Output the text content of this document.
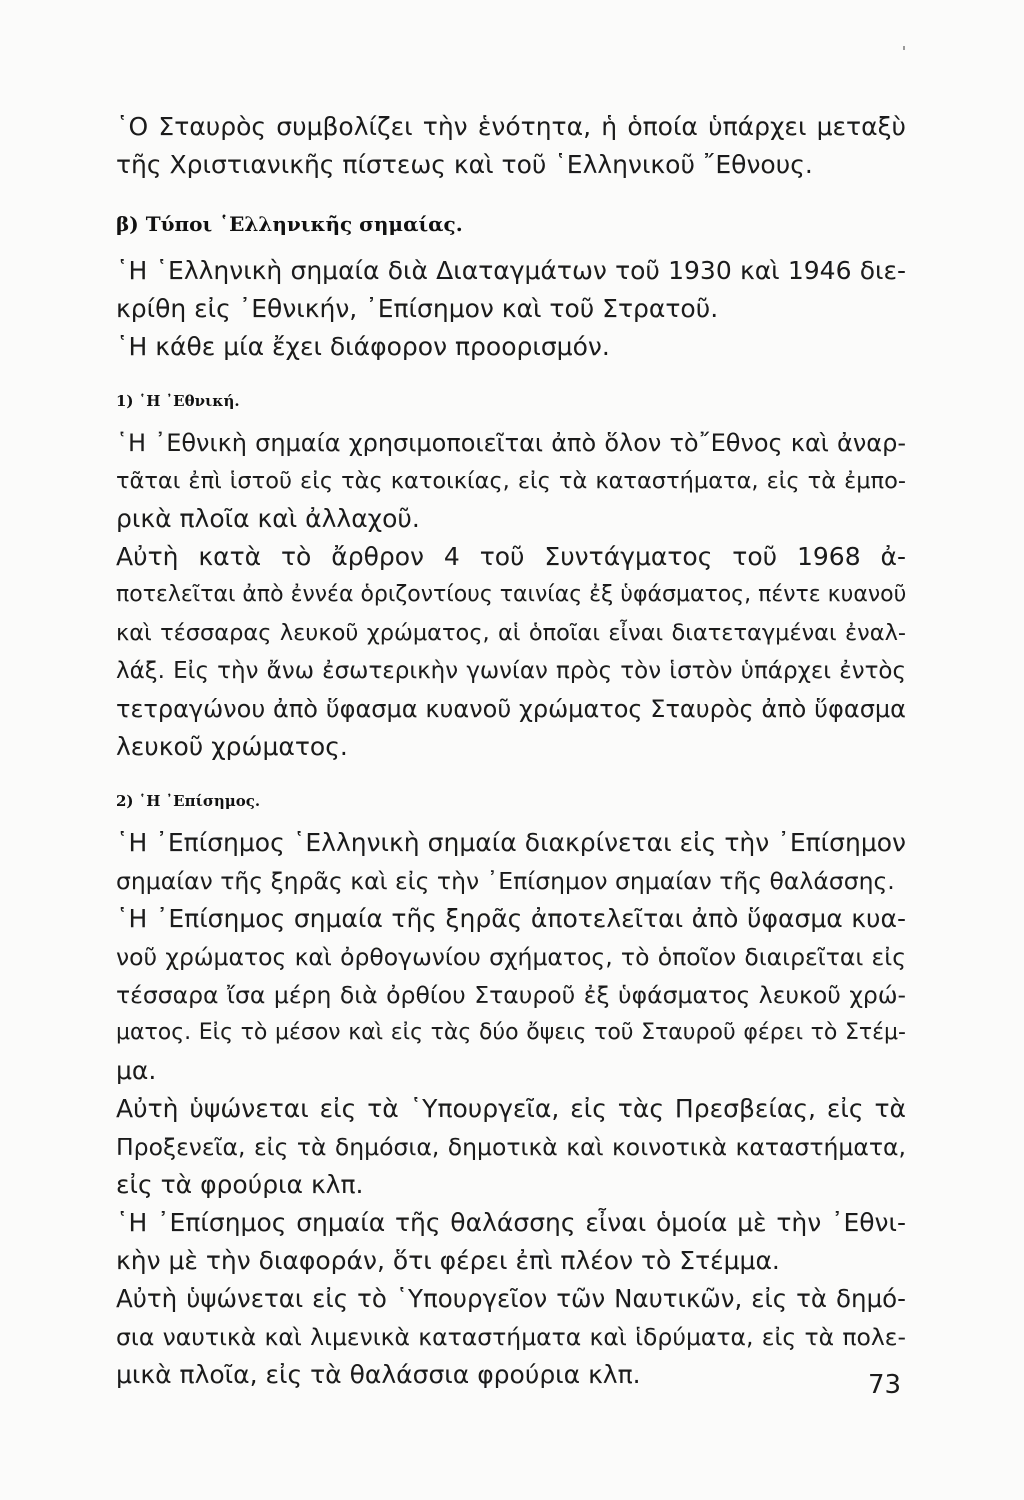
῾Ο Σταυρὸς συμβολίζει τὴν ἑνότητα, ἡ ὁποία ὑπάρχει μεταξὺ
τῆς Χριστιανικῆς πίστεως καὶ τοῦ ῾Ελληνικοῦ ῎Εθνους.
β) Τύποι ῾Ελληνικῆς σημαίας.
῾Η ῾Ελληνικὴ σημαία διὰ Διαταγμάτων τοῦ 1930 καὶ 1946 διε-
κρίθη εἰς ᾿Εθνικήν, ᾿Επίσημον καὶ τοῦ Στρατοῦ.
῾Η κάθε μία ἔχει διάφορον προορισμόν.
1) ῾Η ᾿Εθνική.
῾Η ᾿Εθνικὴ σημαία χρησιμοποιεῖται ἀπὸ ὅλον τὸ῎Εθνος καὶ ἀναρ-
τᾶται ἐπὶ ἱστοῦ εἰς τὰς κατοικίας, εἰς τὰ καταστήματα, εἰς τὰ ἐμπο-
ρικὰ πλοῖα καὶ ἀλλαχοῦ.
Αὐτὴ κατὰ τὸ ἄρθρον 4 τοῦ Συντάγματος τοῦ 1968 ἀ-
ποτελεῖται ἀπὸ ἐννέα ὁριζοντίους ταινίας ἐξ ὑφάσματος, πέντε κυανοῦ
καὶ τέσσαρας λευκοῦ χρώματος, αἱ ὁποῖαι εἶναι διατεταγμέναι ἐναλ-
λάξ. Εἰς τὴν ἄνω ἐσωτερικὴν γωνίαν πρὸς τὸν ἱστὸν ὑπάρχει ἐντὸς
τετραγώνου ἀπὸ ὕφασμα κυανοῦ χρώματος Σταυρὸς ἀπὸ ὕφασμα
λευκοῦ χρώματος.
2) ῾Η ᾿Επίσημος.
῾Η ᾿Επίσημος ῾Ελληνικὴ σημαία διακρίνεται εἰς τὴν ᾿Επίσημον
σημαίαν τῆς ξηρᾶς καὶ εἰς τὴν ᾿Επίσημον σημαίαν τῆς θαλάσσης.
῾Η ᾿Επίσημος σημαία τῆς ξηρᾶς ἀποτελεῖται ἀπὸ ὕφασμα κυα-
νοῦ χρώματος καὶ ὀρθογωνίου σχήματος, τὸ ὁποῖον διαιρεῖται εἰς
τέσσαρα ἴσα μέρη διὰ ὀρθίου Σταυροῦ ἐξ ὑφάσματος λευκοῦ χρώ-
ματος. Εἰς τὸ μέσον καὶ εἰς τὰς δύο ὄψεις τοῦ Σταυροῦ φέρει τὸ Στέμ-
μα.
Αὐτὴ ὑψώνεται εἰς τὰ ῾Υπουργεῖα, εἰς τὰς Πρεσβείας, εἰς τὰ
Προξενεῖα, εἰς τὰ δημόσια, δημοτικὰ καὶ κοινοτικὰ καταστήματα,
εἰς τὰ φρούρια κλπ.
῾Η ᾿Επίσημος σημαία τῆς θαλάσσης εἶναι ὁμοία μὲ τὴν ᾿Εθνι-
κὴν μὲ τὴν διαφοράν, ὅτι φέρει ἐπὶ πλέον τὸ Στέμμα.
Αὐτὴ ὑψώνεται εἰς τὸ ῾Υπουργεῖον τῶν Ναυτικῶν, εἰς τὰ δημό-
σια ναυτικὰ καὶ λιμενικὰ καταστήματα καὶ ἱδρύματα, εἰς τὰ πολε-
μικὰ πλοῖα, εἰς τὰ θαλάσσια φρούρια κλπ.	73
